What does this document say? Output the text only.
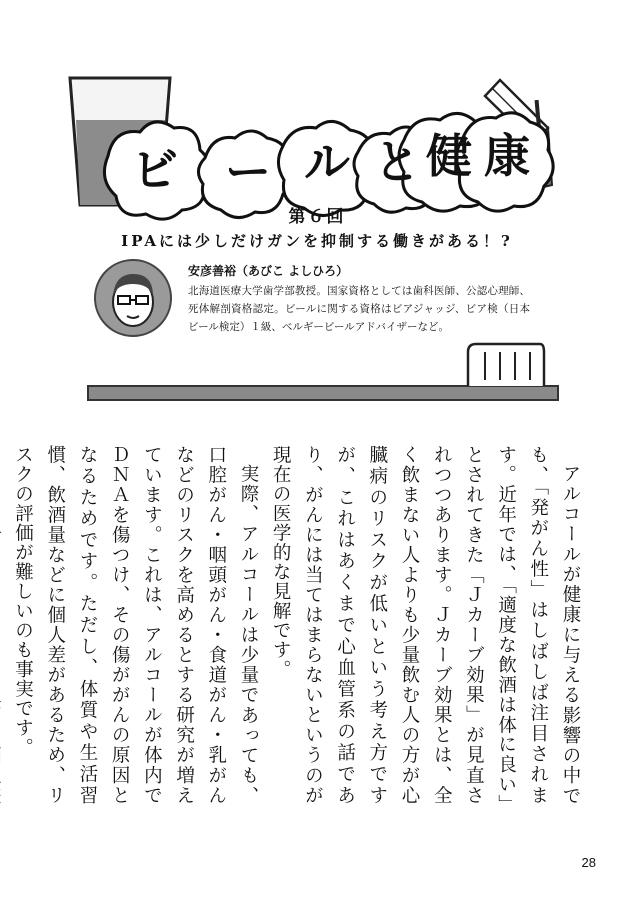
ビ ー ル と 健 康
第６回
IPAには少しだけガンを抑制する働きがある！?
安彦善裕（あびこ よしひろ）
北海道医療大学歯学部教授。国家資格としては歯科医師、公認心理師、死体解剖資格認定。ビールに関する資格はビアジャッジ、ビア検（日本ビール検定）１級、ベルギービールアドバイザーなど。

アルコールが健康に与える影響の中でも、「発がん性」はしばしば注目されます。近年では、「適度な飲酒は体に良い」とされてきた「Ｊカーブ効果」が見直されつつあります。Ｊカーブ効果とは、全く飲まない人よりも少量飲む人の方が心臓病のリスクが低いという考え方ですが、これはあくまで心血管系の話であり、がんには当てはまらないというのが現在の医学的な見解です。

実際、アルコールは少量であっても、口腔がん・咽頭がん・食道がん・乳がんなどのリスクを高めるとする研究が増えています。これは、アルコールが体内でＤＮＡを傷つけ、その傷ががんの原因となるためです。ただし、体質や生活習慣、飲酒量などに個人差があるため、リスクの評価が難しいのも事実です。

28
